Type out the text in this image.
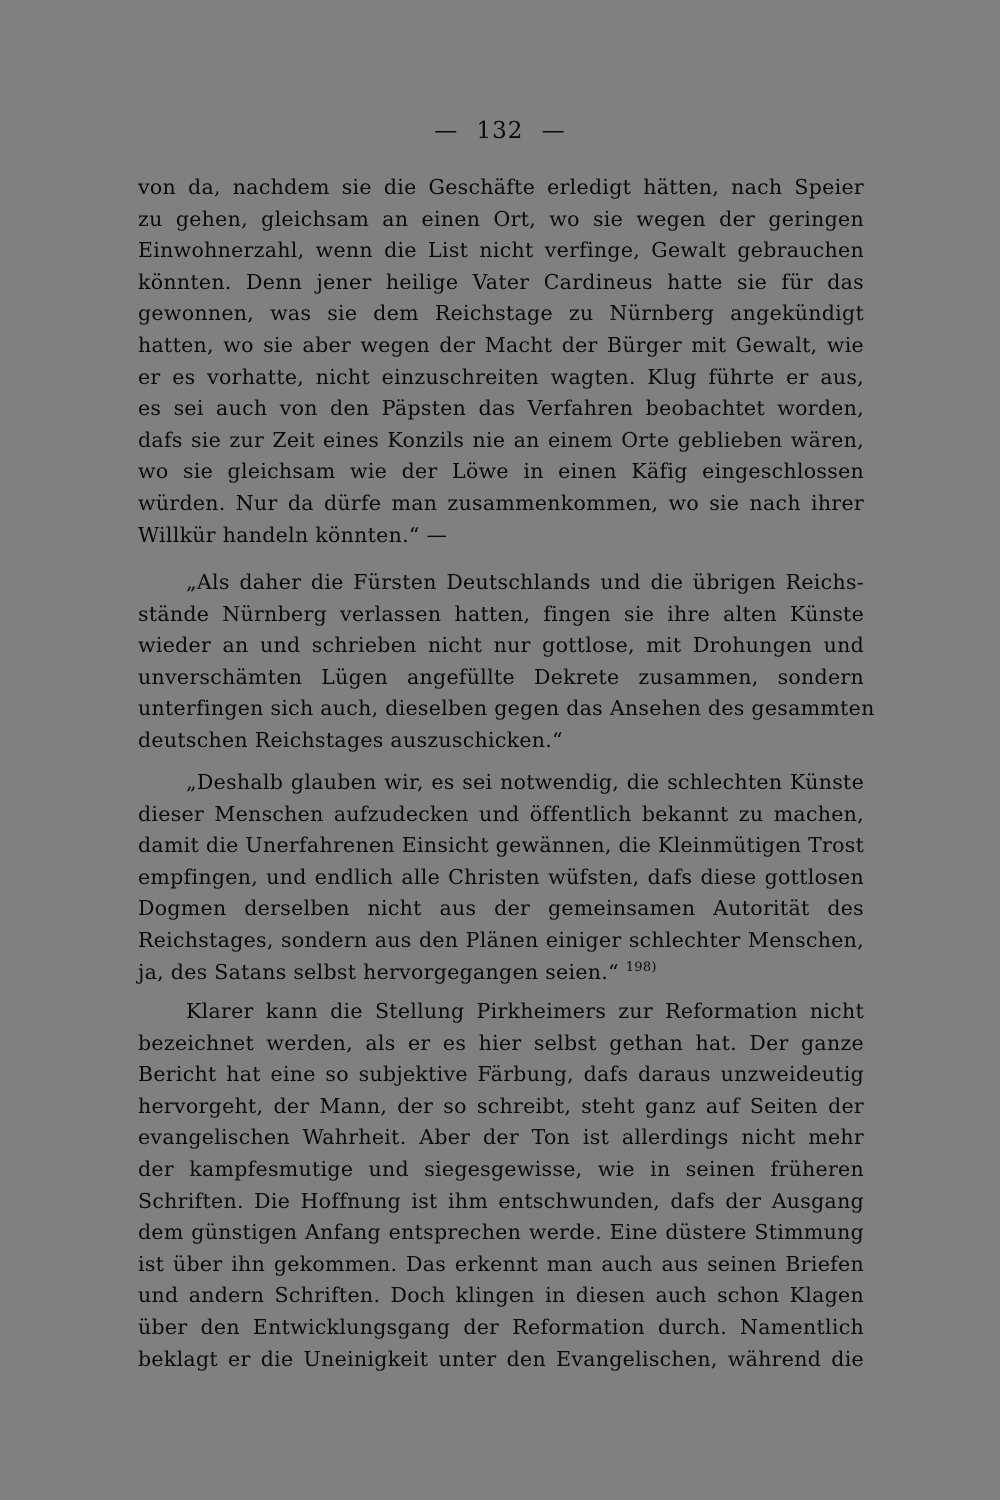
— 132 —
von da, nachdem sie die Geschäfte erledigt hätten, nach Speier
zu gehen, gleichsam an einen Ort, wo sie wegen der geringen
Einwohnerzahl, wenn die List nicht verfinge, Gewalt gebrauchen
könnten. Denn jener heilige Vater Cardineus hatte sie für das
gewonnen, was sie dem Reichstage zu Nürnberg angekündigt
hatten, wo sie aber wegen der Macht der Bürger mit Gewalt, wie
er es vorhatte, nicht einzuschreiten wagten. Klug führte er aus,
es sei auch von den Päpsten das Verfahren beobachtet worden,
dafs sie zur Zeit eines Konzils nie an einem Orte geblieben wären,
wo sie gleichsam wie der Löwe in einen Käfig eingeschlossen
würden. Nur da dürfe man zusammenkommen, wo sie nach ihrer
Willkür handeln könnten.“ —
„Als daher die Fürsten Deutschlands und die übrigen Reichs-
stände Nürnberg verlassen hatten, fingen sie ihre alten Künste
wieder an und schrieben nicht nur gottlose, mit Drohungen und
unverschämten Lügen angefüllte Dekrete zusammen, sondern
unterfingen sich auch, dieselben gegen das Ansehen des gesammten
deutschen Reichstages auszuschicken.“
„Deshalb glauben wir, es sei notwendig, die schlechten Künste
dieser Menschen aufzudecken und öffentlich bekannt zu machen,
damit die Unerfahrenen Einsicht gewännen, die Kleinmütigen Trost
empfingen, und endlich alle Christen wüfsten, dafs diese gottlosen
Dogmen derselben nicht aus der gemeinsamen Autorität des
Reichstages, sondern aus den Plänen einiger schlechter Menschen,
ja, des Satans selbst hervorgegangen seien.“ $^{198)}$
Klarer kann die Stellung Pirkheimers zur Reformation nicht
bezeichnet werden, als er es hier selbst gethan hat. Der ganze
Bericht hat eine so subjektive Färbung, dafs daraus unzweideutig
hervorgeht, der Mann, der so schreibt, steht ganz auf Seiten der
evangelischen Wahrheit. Aber der Ton ist allerdings nicht mehr
der kampfesmutige und siegesgewisse, wie in seinen früheren
Schriften. Die Hoffnung ist ihm entschwunden, dafs der Ausgang
dem günstigen Anfang entsprechen werde. Eine düstere Stimmung
ist über ihn gekommen. Das erkennt man auch aus seinen Briefen
und andern Schriften. Doch klingen in diesen auch schon Klagen
über den Entwicklungsgang der Reformation durch. Namentlich
beklagt er die Uneinigkeit unter den Evangelischen, während die
